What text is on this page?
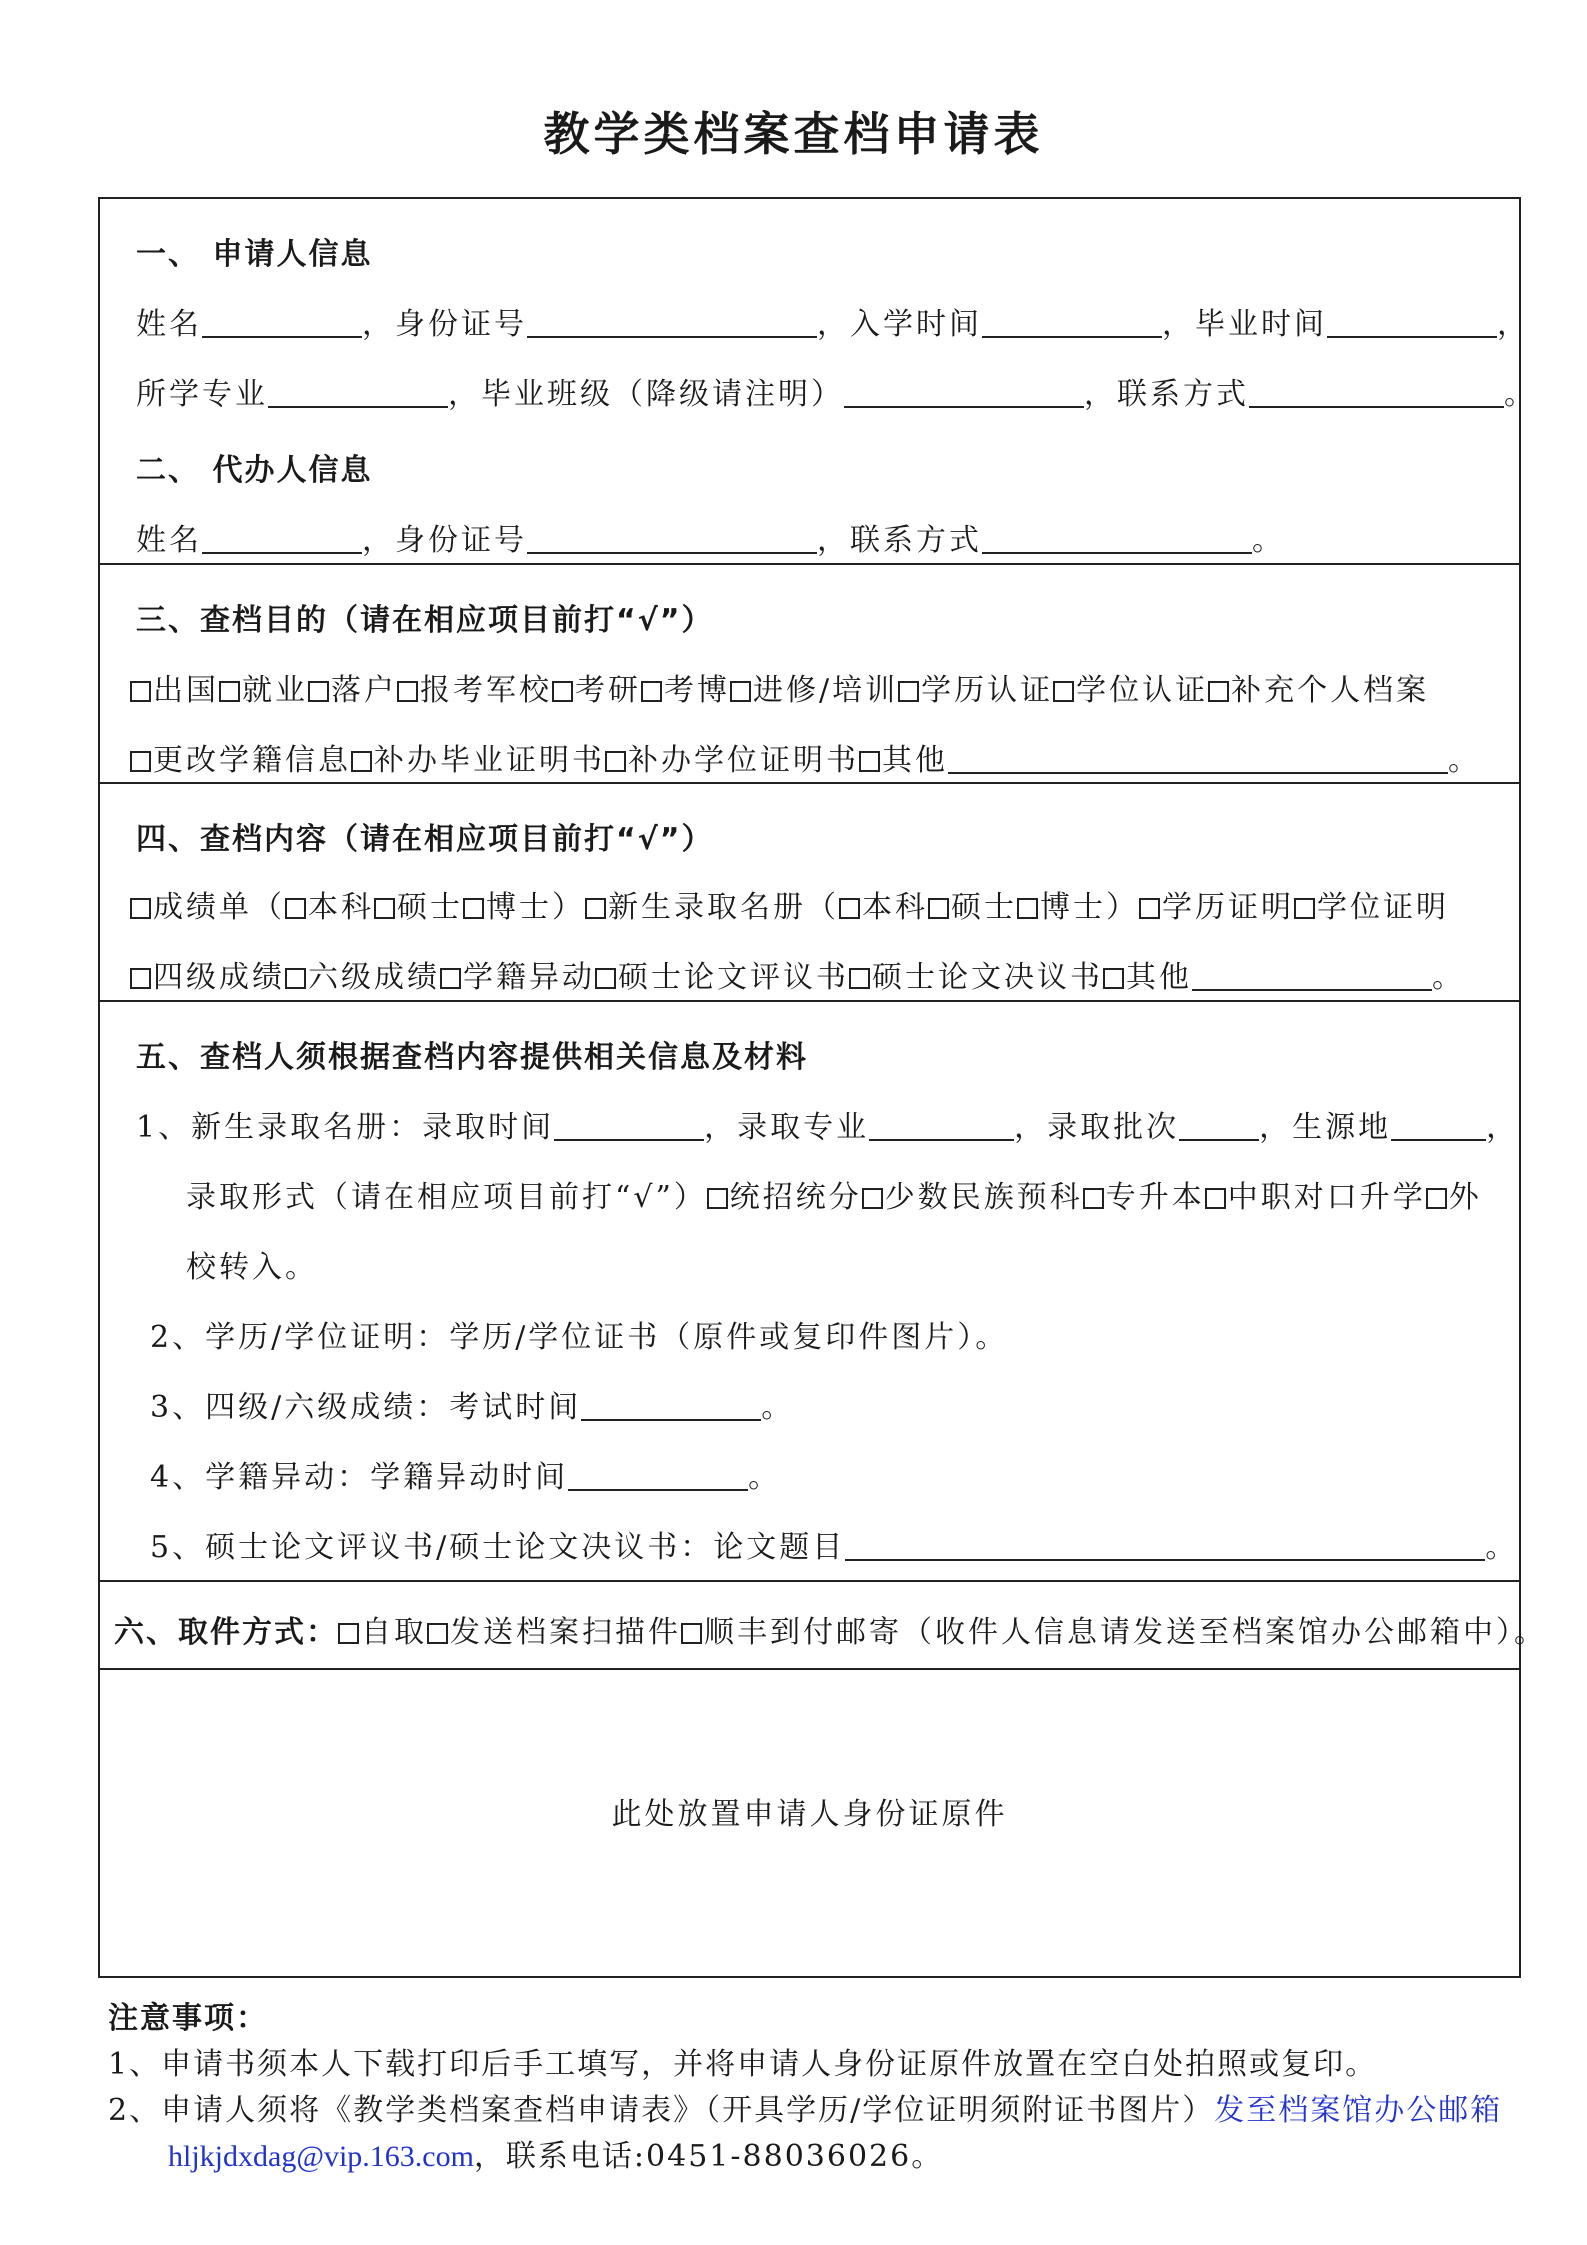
教学类档案查档申请表
一、 申请人信息
姓名	，身份证号	，入学时间	，毕业时间	，
所学专业	，毕业班级（降级请注明）	，联系方式	。
二、 代办人信息
姓名	，身份证号	，联系方式	。
三、查档目的（请在相应项目前打“√”）
出国 就业 落户 报考军校 考研 考博 进修/培训 学历认证 学位认证 补充个人档案
更改学籍信息 补办毕业证明书 补办学位证明书 其他	。
四、查档内容（请在相应项目前打“√”）
成绩单（ 本科 硕士 博士） 新生录取名册（ 本科 硕士 博士） 学历证明 学位证明
四级成绩 六级成绩 学籍异动 硕士论文评议书 硕士论文决议书 其他	。
五、查档人须根据查档内容提供相关信息及材料
1、新生录取名册：录取时间	，录取专业	，录取批次	，生源地	，
录取形式（请在相应项目前打“√”） 统招统分 少数民族预科 专升本 中职对口升学 外
校转入。
2、学历/学位证明：学历/学位证书（原件或复印件图片）。
3、四级/六级成绩：考试时间	。
4、学籍异动：学籍异动时间	。
5、硕士论文评议书/硕士论文决议书：论文题目	。
六、取件方式： 自取 发送档案扫描件 顺丰到付邮寄（收件人信息请发送至档案馆办公邮箱中）。
此处放置申请人身份证原件
注意事项：
1、申请书须本人下载打印后手工填写，并将申请人身份证原件放置在空白处拍照或复印。
2、申请人须将《教学类档案查档申请表》（开具学历/学位证明须附证书图片）发至档案馆办公邮箱
hljkjdxdag@vip.163.com，联系电话:0451-88036026。
